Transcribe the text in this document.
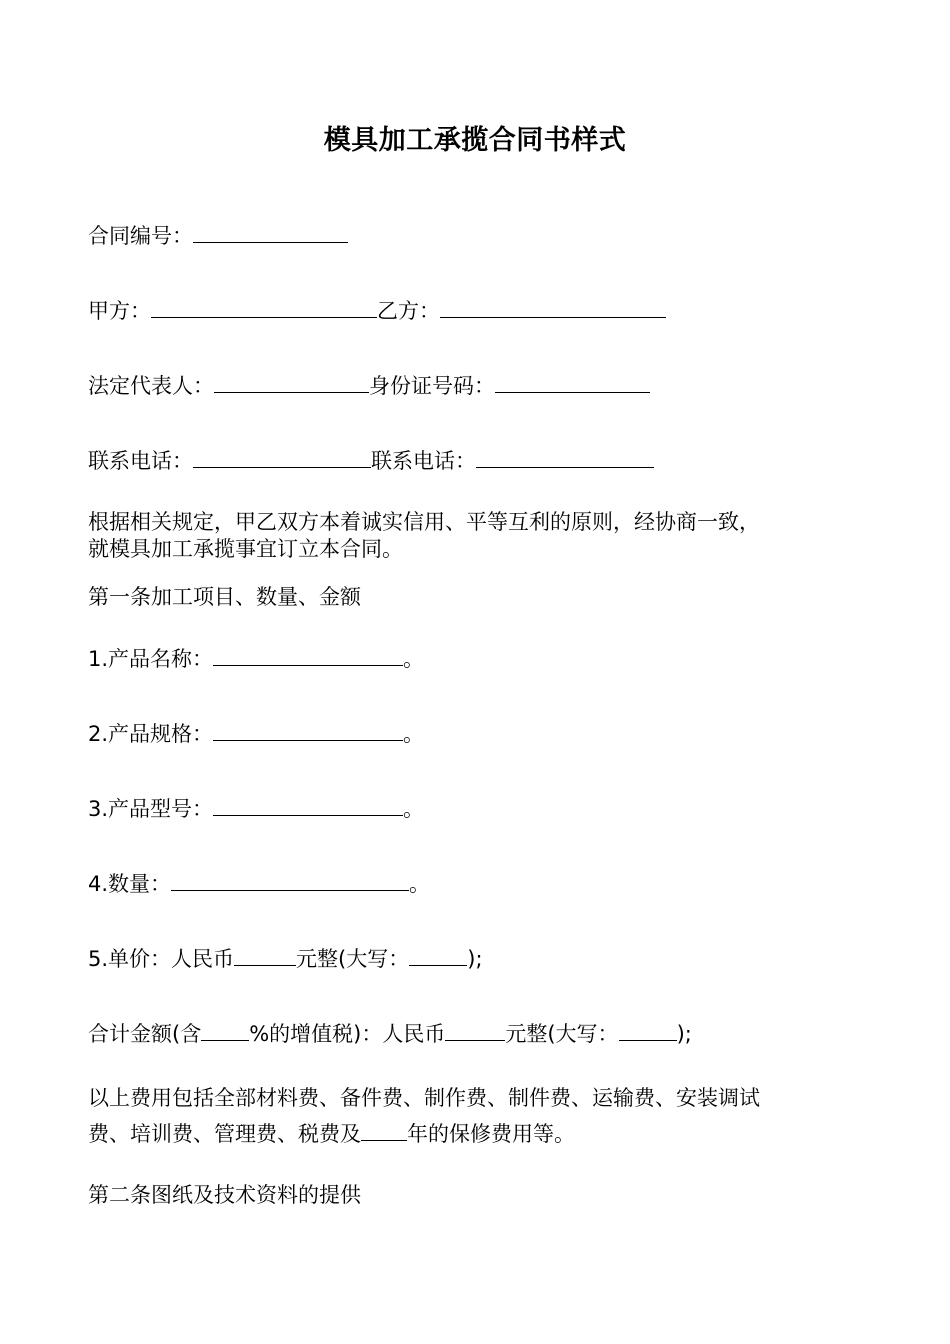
模具加工承揽合同书样式
合同编号：
甲方：	乙方：
法定代表人：	身份证号码：
联系电话：	联系电话：
根据相关规定，甲乙双方本着诚实信用、平等互利的原则，经协商一致，
就模具加工承揽事宜订立本合同。
第一条加工项目、数量、金额
1.产品名称：	。
2.产品规格：	。
3.产品型号：	。
4.数量：	。
5.单价：人民币	元整(大写：	);
合计金额(含 %的增值税)：人民币	元整(大写：	);
以上费用包括全部材料费、备件费、制作费、制件费、运输费、安装调试
费、培训费、管理费、税费及 年的保修费用等。
第二条图纸及技术资料的提供
